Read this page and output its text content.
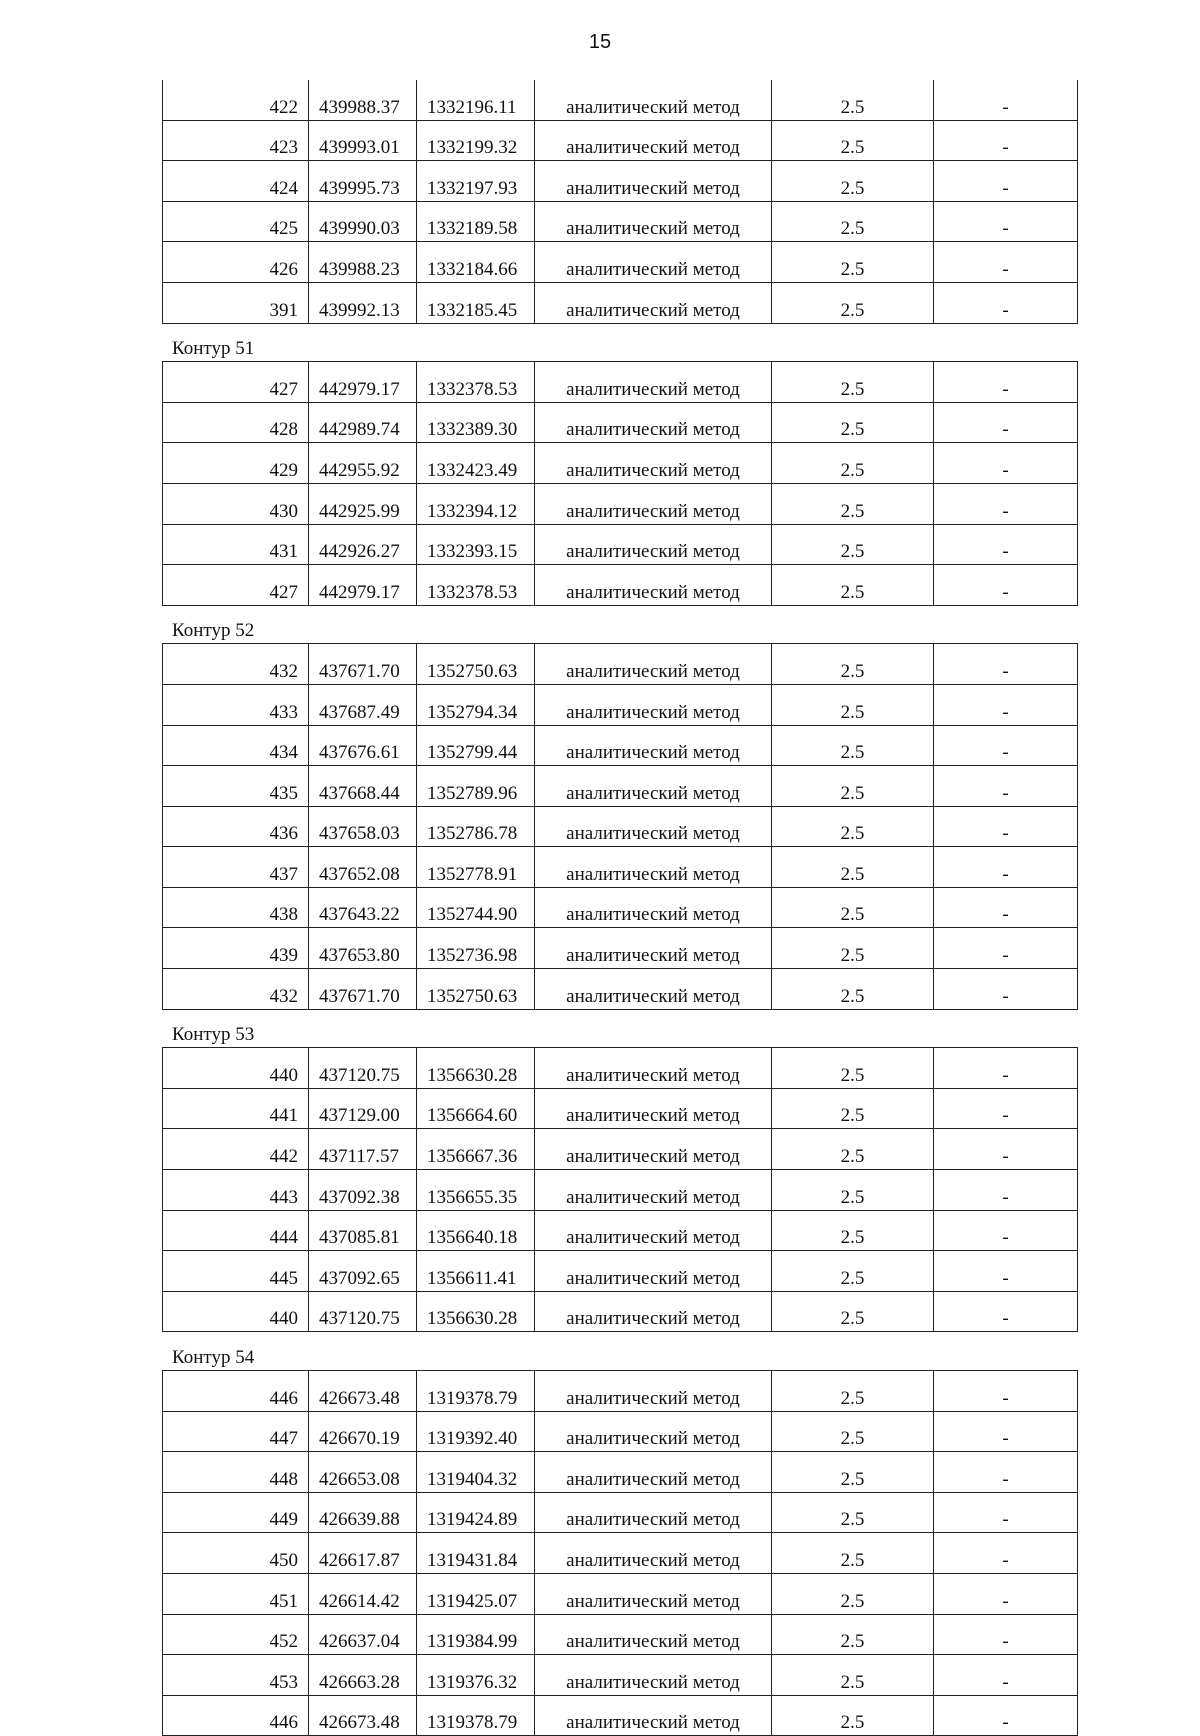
15
422	439988.37	1332196.11	аналитический метод	2.5	-
423	439993.01	1332199.32	аналитический метод	2.5	-
424	439995.73	1332197.93	аналитический метод	2.5	-
425	439990.03	1332189.58	аналитический метод	2.5	-
426	439988.23	1332184.66	аналитический метод	2.5	-
391	439992.13	1332185.45	аналитический метод	2.5	-
Контур 51
427	442979.17	1332378.53	аналитический метод	2.5	-
428	442989.74	1332389.30	аналитический метод	2.5	-
429	442955.92	1332423.49	аналитический метод	2.5	-
430	442925.99	1332394.12	аналитический метод	2.5	-
431	442926.27	1332393.15	аналитический метод	2.5	-
427	442979.17	1332378.53	аналитический метод	2.5	-
Контур 52
432	437671.70	1352750.63	аналитический метод	2.5	-
433	437687.49	1352794.34	аналитический метод	2.5	-
434	437676.61	1352799.44	аналитический метод	2.5	-
435	437668.44	1352789.96	аналитический метод	2.5	-
436	437658.03	1352786.78	аналитический метод	2.5	-
437	437652.08	1352778.91	аналитический метод	2.5	-
438	437643.22	1352744.90	аналитический метод	2.5	-
439	437653.80	1352736.98	аналитический метод	2.5	-
432	437671.70	1352750.63	аналитический метод	2.5	-
Контур 53
440	437120.75	1356630.28	аналитический метод	2.5	-
441	437129.00	1356664.60	аналитический метод	2.5	-
442	437117.57	1356667.36	аналитический метод	2.5	-
443	437092.38	1356655.35	аналитический метод	2.5	-
444	437085.81	1356640.18	аналитический метод	2.5	-
445	437092.65	1356611.41	аналитический метод	2.5	-
440	437120.75	1356630.28	аналитический метод	2.5	-
Контур 54
446	426673.48	1319378.79	аналитический метод	2.5	-
447	426670.19	1319392.40	аналитический метод	2.5	-
448	426653.08	1319404.32	аналитический метод	2.5	-
449	426639.88	1319424.89	аналитический метод	2.5	-
450	426617.87	1319431.84	аналитический метод	2.5	-
451	426614.42	1319425.07	аналитический метод	2.5	-
452	426637.04	1319384.99	аналитический метод	2.5	-
453	426663.28	1319376.32	аналитический метод	2.5	-
446	426673.48	1319378.79	аналитический метод	2.5	-
